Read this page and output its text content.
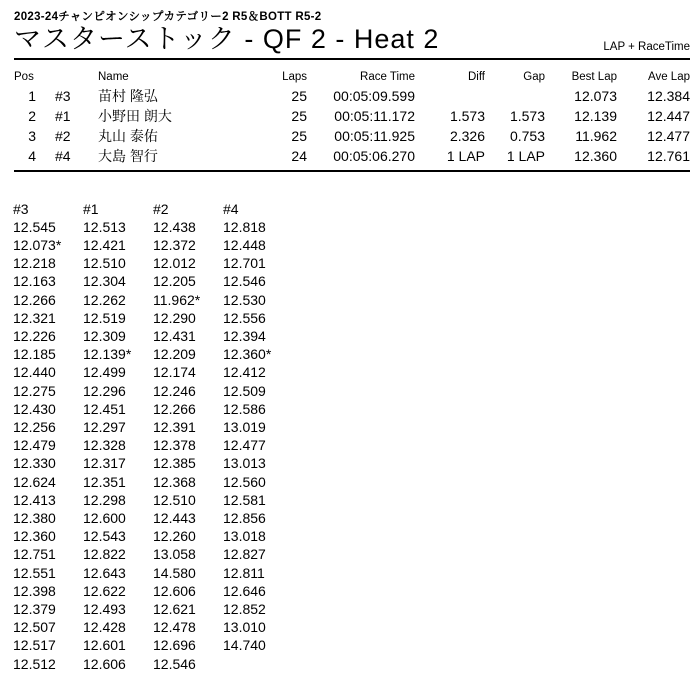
2023-24チャンピオンシップカテゴリー2 R5＆BOTT R5-2
マスターストック - QF 2 - Heat 2	LAP + RaceTime
Pos		Name	Laps	Race Time	Diff	Gap	Best Lap	Ave Lap
1	#3	苗村 隆弘	25	00:05:09.599			12.073	12.384
2	#1	小野田 朗大	25	00:05:11.172	1.573	1.573	12.139	12.447
3	#2	丸山 泰佑	25	00:05:11.925	2.326	0.753	11.962	12.477
4	#4	大島 智行	24	00:05:06.270	1 LAP	1 LAP	12.360	12.761
#3	#1	#2	#4
12.545	12.513	12.438	12.818
12.073*	12.421	12.372	12.448
12.218	12.510	12.012	12.701
12.163	12.304	12.205	12.546
12.266	12.262	11.962*	12.530
12.321	12.519	12.290	12.556
12.226	12.309	12.431	12.394
12.185	12.139*	12.209	12.360*
12.440	12.499	12.174	12.412
12.275	12.296	12.246	12.509
12.430	12.451	12.266	12.586
12.256	12.297	12.391	13.019
12.479	12.328	12.378	12.477
12.330	12.317	12.385	13.013
12.624	12.351	12.368	12.560
12.413	12.298	12.510	12.581
12.380	12.600	12.443	12.856
12.360	12.543	12.260	13.018
12.751	12.822	13.058	12.827
12.551	12.643	14.580	12.811
12.398	12.622	12.606	12.646
12.379	12.493	12.621	12.852
12.507	12.428	12.478	13.010
12.517	12.601	12.696	14.740
12.512	12.606	12.546
